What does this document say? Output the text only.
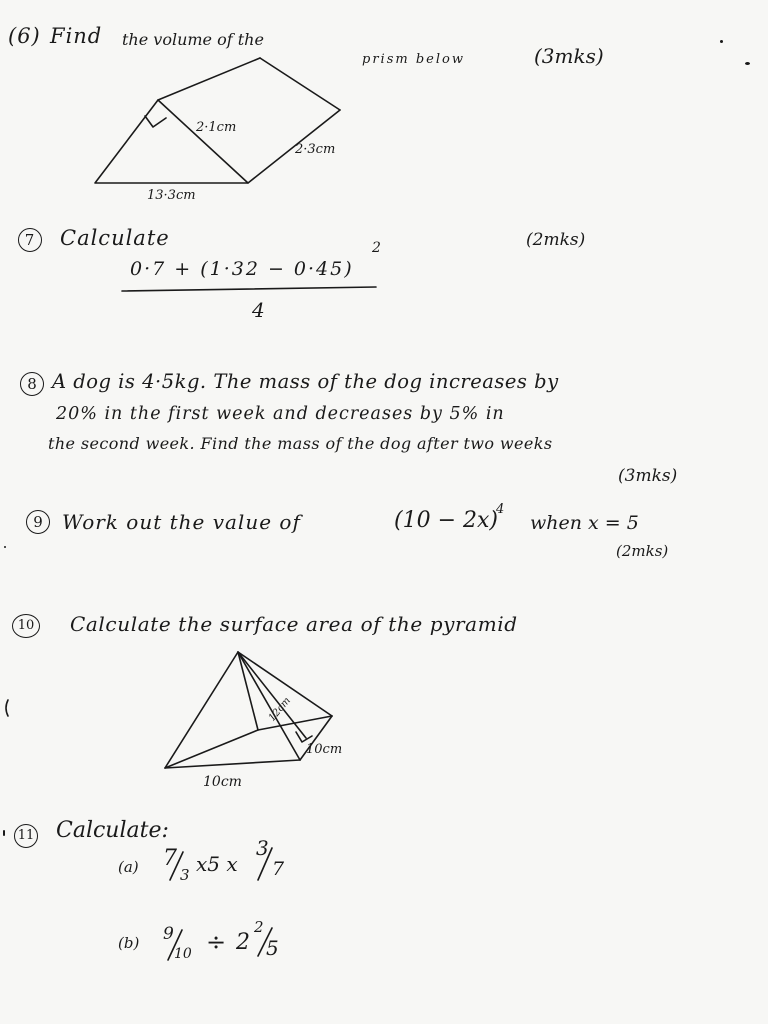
(6) Find the volume of the
prism below	(3mks)
2·1cm
2·3cm
13·3cm
7	Calculate	(2mks)
0·7 + (1·32 − 0·45)
2
4
8 A dog is 4·5kg. The mass of the dog increases by
20% in the first week and decreases by 5% in
the second week. Find the mass of the dog after two weeks
(3mks)
9 Work out the value of	(10 − 2x)
4
when x = 5
(2mks)
10 Calculate the surface area of the pyramid
12cm
10cm
10cm
11 Calculate:
(a) 7
3 x5 x
3
7
(b) 9
10 ÷ 2
2
5
